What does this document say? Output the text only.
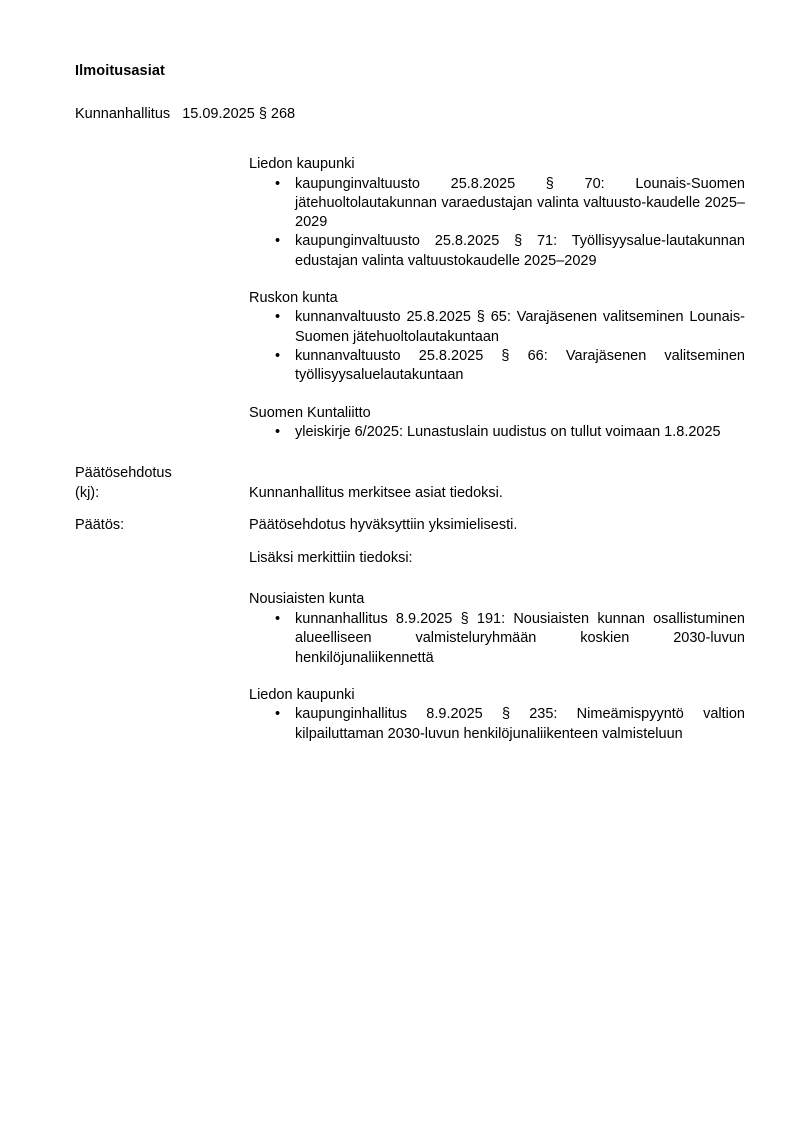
Ilmoitusasiat
Kunnanhallitus   15.09.2025 § 268
Liedon kaupunki
• kaupunginvaltuusto 25.8.2025 § 70: Lounais-Suomen jätehuoltolautakunnan varaedustajan valinta valtuusto-kaudelle 2025–2029
• kaupunginvaltuusto 25.8.2025 § 71: Työllisyysalue-lautakunnan edustajan valinta valtuustokaudelle 2025–2029
Ruskon kunta
• kunnanvaltuusto 25.8.2025 § 65: Varajäsenen valitseminen Lounais-Suomen jätehuoltolautakuntaan
• kunnanvaltuusto 25.8.2025 § 66: Varajäsenen valitseminen työllisyysaluelautakuntaan
Suomen Kuntaliitto
• yleiskirje 6/2025: Lunastuslain uudistus on tullut voimaan 1.8.2025
Päätösehdotus
(kj):	Kunnanhallitus merkitsee asiat tiedoksi.
Päätös:	Päätösehdotus hyväksyttiin yksimielisesti.
Lisäksi merkittiin tiedoksi:
Nousiaisten kunta
• kunnanhallitus 8.9.2025 § 191: Nousiaisten kunnan osallistuminen alueelliseen valmisteluryhmään koskien 2030-luvun henkilöjunaliikennettä
Liedon kaupunki
• kaupunginhallitus 8.9.2025 § 235: Nimeämispyyntö valtion kilpailuttaman 2030-luvun henkilöjunaliikenteen valmisteluun
